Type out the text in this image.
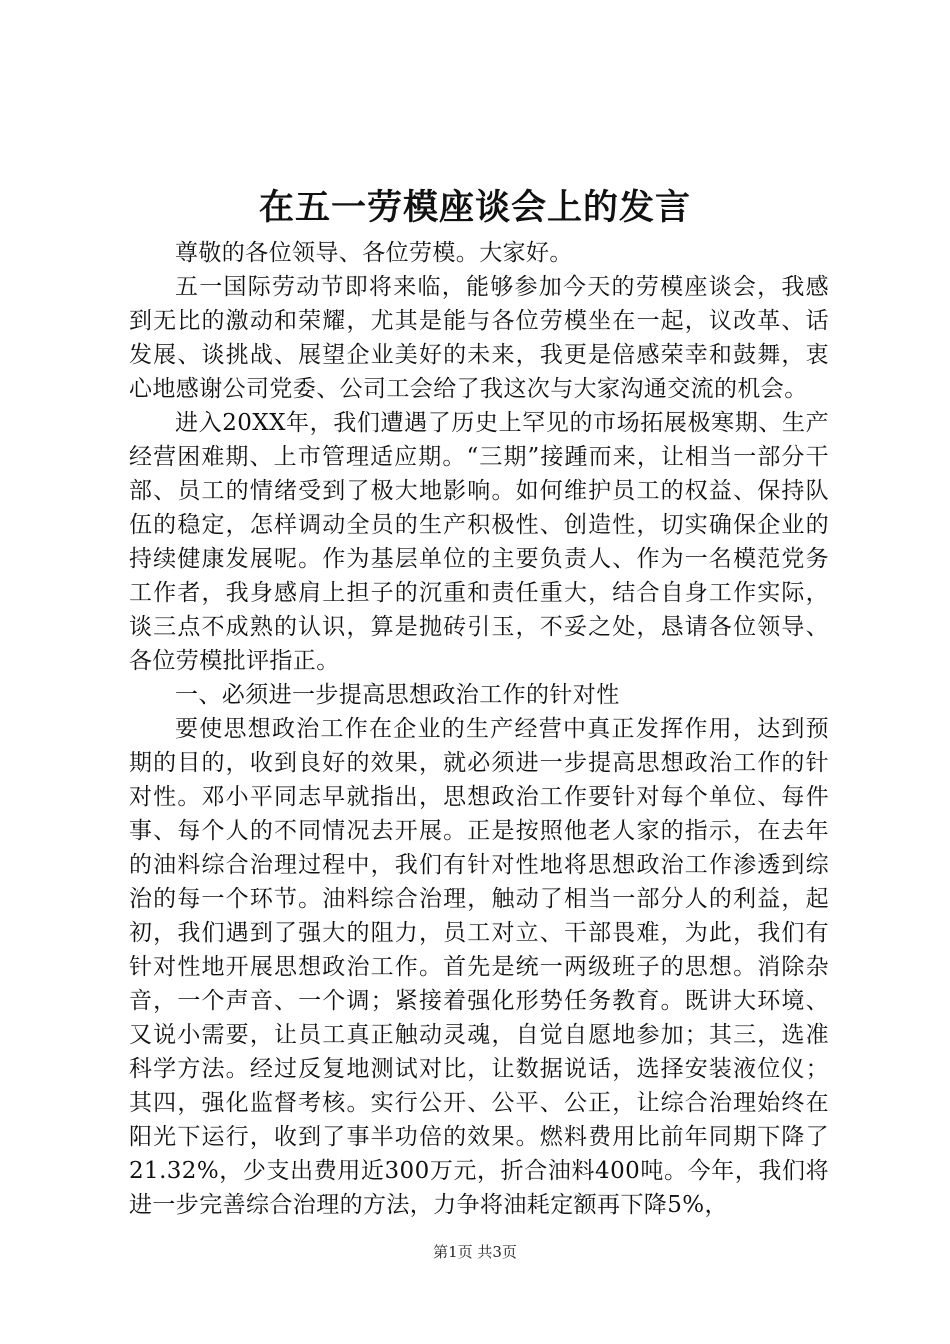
在五一劳模座谈会上的发言

尊敬的各位领导、各位劳模。大家好。

五一国际劳动节即将来临，能够参加今天的劳模座谈会，我感到无比的激动和荣耀，尤其是能与各位劳模坐在一起，议改革、话发展、谈挑战、展望企业美好的未来，我更是倍感荣幸和鼓舞，衷心地感谢公司党委、公司工会给了我这次与大家沟通交流的机会。

进入20XX年，我们遭遇了历史上罕见的市场拓展极寒期、生产经营困难期、上市管理适应期。“三期”接踵而来，让相当一部分干部、员工的情绪受到了极大地影响。如何维护员工的权益、保持队伍的稳定，怎样调动全员的生产积极性、创造性，切实确保企业的持续健康发展呢。作为基层单位的主要负责人、作为一名模范党务工作者，我身感肩上担子的沉重和责任重大，结合自身工作实际，谈三点不成熟的认识，算是抛砖引玉，不妥之处，恳请各位领导、各位劳模批评指正。

一、必须进一步提高思想政治工作的针对性

要使思想政治工作在企业的生产经营中真正发挥作用，达到预期的目的，收到良好的效果，就必须进一步提高思想政治工作的针对性。邓小平同志早就指出，思想政治工作要针对每个单位、每件事、每个人的不同情况去开展。正是按照他老人家的指示，在去年的油料综合治理过程中，我们有针对性地将思想政治工作渗透到综治的每一个环节。油料综合治理，触动了相当一部分人的利益，起初，我们遇到了强大的阻力，员工对立、干部畏难，为此，我们有针对性地开展思想政治工作。首先是统一两级班子的思想。消除杂音，一个声音、一个调；紧接着强化形势任务教育。既讲大环境、又说小需要，让员工真正触动灵魂，自觉自愿地参加；其三，选准科学方法。经过反复地测试对比，让数据说话，选择安装液位仪；其四，强化监督考核。实行公开、公平、公正，让综合治理始终在阳光下运行，收到了事半功倍的效果。燃料费用比前年同期下降了21.32%，少支出费用近300万元，折合油料400吨。今年，我们将进一步完善综合治理的方法，力争将油耗定额再下降5%，

第1页 共3页
